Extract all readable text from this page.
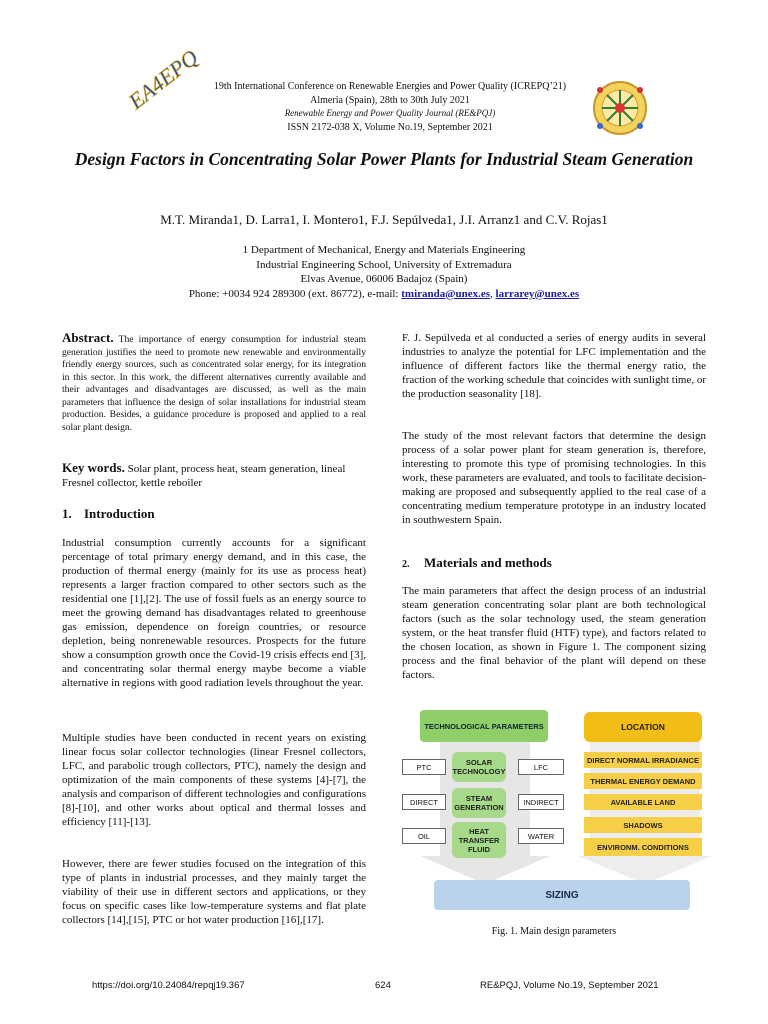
EA4EPQ	19th International Conference on Renewable Energies and Power Quality (ICREPQ’21)
Almeria (Spain), 28th to 30th July 2021
Renewable Energy and Power Quality Journal (RE&PQJ)
ISSN 2172-038 X, Volume No.19, September 2021
Design Factors in Concentrating Solar Power Plants for Industrial Steam Generation
M.T. Miranda1, D. Larra1, I. Montero1, F.J. Sepúlveda1, J.I. Arranz1 and C.V. Rojas1
1 Department of Mechanical, Energy and Materials Engineering
Industrial Engineering School, University of Extremadura
Elvas Avenue, 06006 Badajoz (Spain)
Phone: +0034 924 289300 (ext. 86772), e-mail: tmiranda@unex.es, larrarey@unex.es
Abstract. The importance of energy consumption for industrial steam generation justifies the need to promote new renewable and environmentally friendly energy sources, such as concentrated solar energy, for its integration in this sector. In this work, the different alternatives currently available and their advantages and disadvantages are discussed, as well as the main parameters that influence the design of solar installations for industrial steam production. Besides, a guidance procedure is proposed and applied to a real solar plant design.
Key words. Solar plant, process heat, steam generation, lineal Fresnel collector, kettle reboiler
1. Introduction
Industrial consumption currently accounts for a significant percentage of total primary energy demand, and in this case, the production of thermal energy (mainly for its use as process heat) represents a larger fraction compared to other sectors such as the residential one [1],[2]. The use of fossil fuels as an energy source to meet the growing demand has disadvantages related to greenhouse gas emission, dependence on foreign countries, or resource depletion, being nonrenewable resources. Prospects for the future show a consumption growth once the Covid-19 crisis effects end [3], and concentrating solar thermal energy maybe become a viable alternative in regions with good radiation levels throughout the year.
Multiple studies have been conducted in recent years on existing linear focus solar collector technologies (linear Fresnel collectors, LFC, and parabolic trough collectors, PTC), namely the design and optimization of the main components of these systems [4]-[7], the analysis and comparison of different technologies and configurations [8]-[10], and other works about optical and thermal losses and efficiency [11]-[13].
However, there are fewer studies focused on the integration of this type of plants in industrial processes, and they mainly target the viability of their use in different sectors and applications, or they focus on specific cases like low-temperature systems and flat plate collectors [14],[15], PTC or hot water production [16],[17].
F. J. Sepúlveda et al conducted a series of energy audits in several industries to analyze the potential for LFC implementation and the influence of different factors like the thermal energy ratio, the fraction of the working schedule that coincides with sunlight time, or the production seasonality [18].
The study of the most relevant factors that determine the design process of a solar power plant for steam generation is, therefore, interesting to promote this type of promising technologies. In this work, these parameters are evaluated, and tools to facilitate decision-making are proposed and subsequently applied to the real case of a concentrating medium temperature prototype in an industry located in southwestern Spain.
2. Materials and methods
The main parameters that affect the design process of an industrial steam generation concentrating solar plant are both technological factors (such as the solar technology used, the steam generation system, or the heat transfer fluid (HTF) type), and factors related to the chosen location, as shown in Figure 1. The component sizing process and the final behavior of the plant will depend on these factors.
TECHNOLOGICAL PARAMETERS
SOLAR TECHNOLOGY
STEAM GENERATION
HEAT TRANSFER FLUID
PTC
DIRECT
OIL
LFC
INDIRECT
WATER
LOCATION
DIRECT NORMAL IRRADIANCE
THERMAL ENERGY DEMAND
AVAILABLE LAND
SHADOWS
ENVIRONM. CONDITIONS
SIZING
Fig. 1. Main design parameters
https://doi.org/10.24084/repqj19.367	624	RE&PQJ, Volume No.19, September 2021
